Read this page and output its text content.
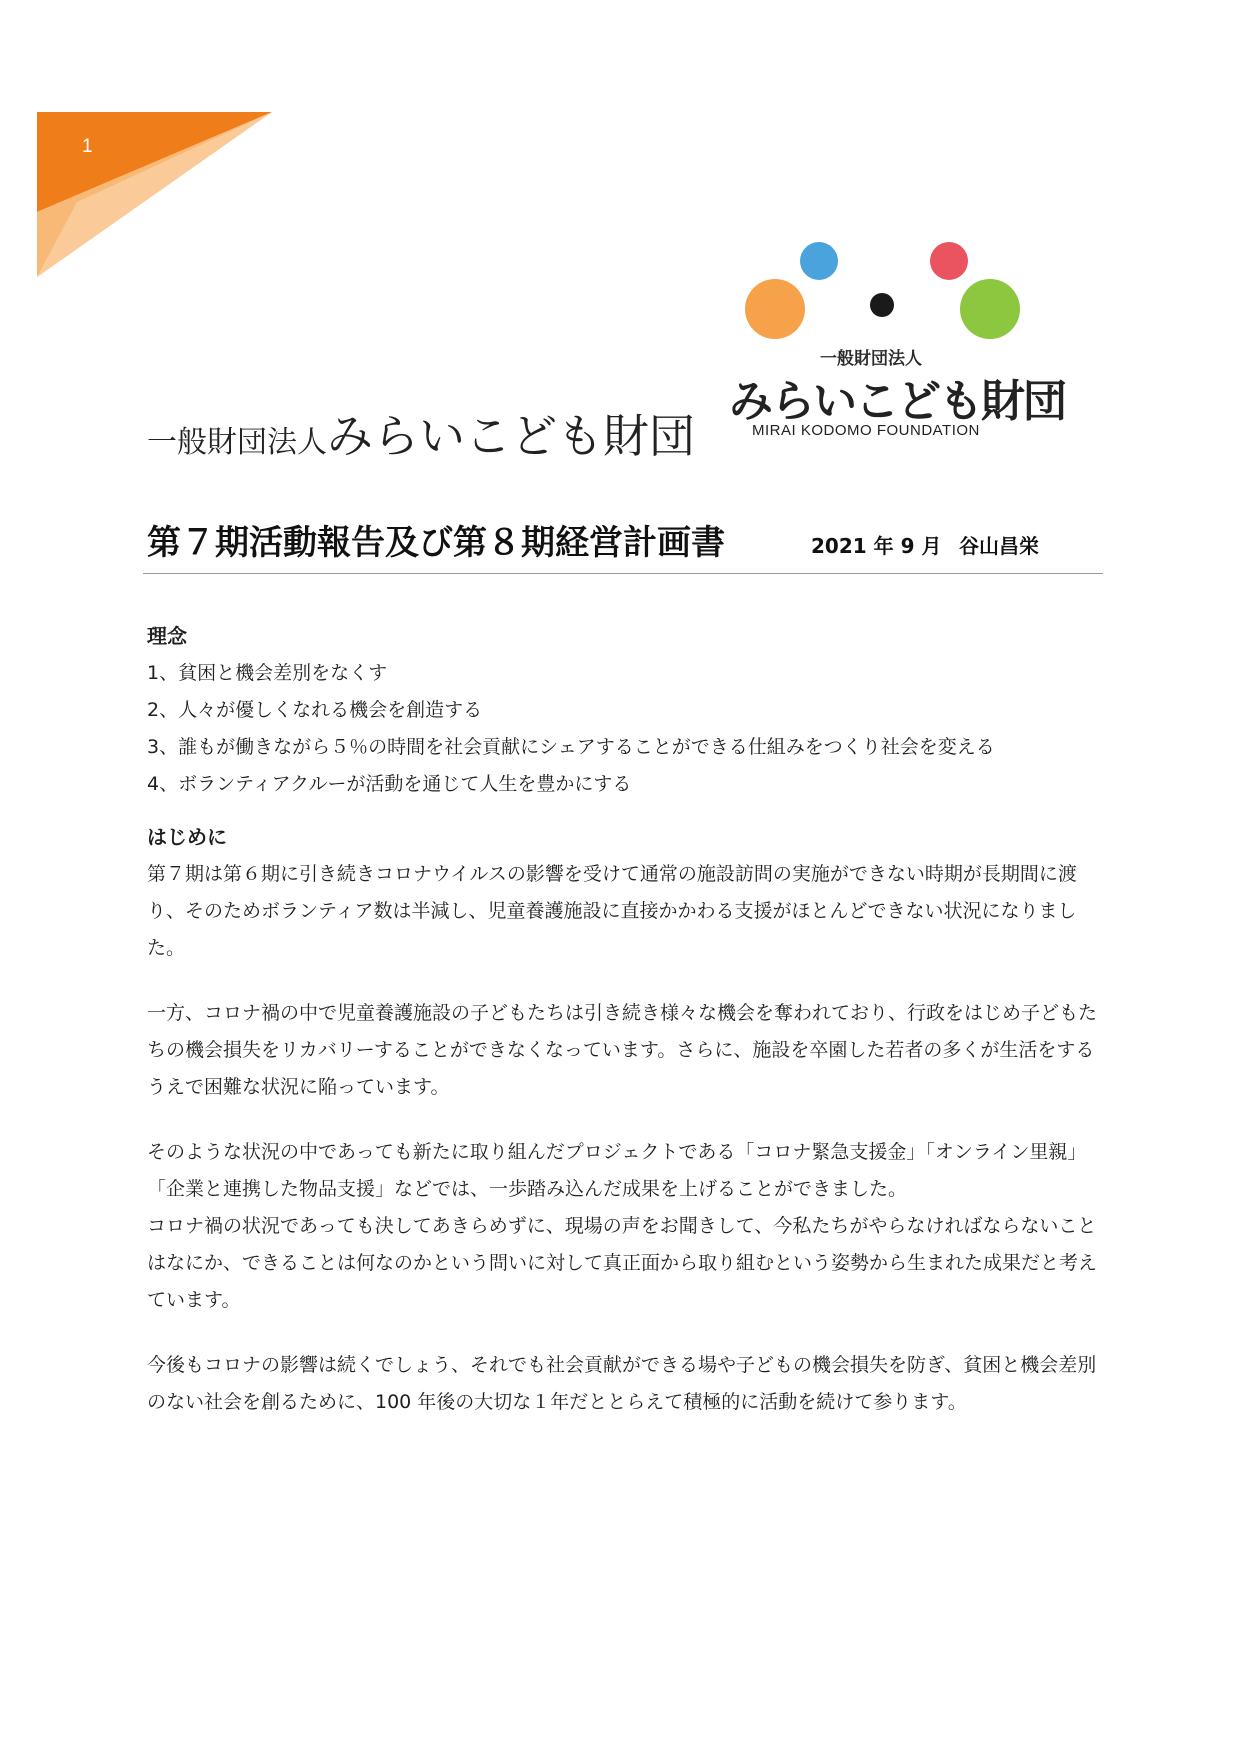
1
一般財団法人
みらいこども財団
MIRAI KODOMO FOUNDATION
一般財団法人みらいこども財団
第７期活動報告及び第８期経営計画書	2021 年 9 月 谷山昌栄
理念
1、貧困と機会差別をなくす
2、人々が優しくなれる機会を創造する
3、誰もが働きながら５％の時間を社会貢献にシェアすることができる仕組みをつくり社会を変える
4、ボランティアクルーが活動を通じて人生を豊かにする
はじめに

第７期は第６期に引き続きコロナウイルスの影響を受けて通常の施設訪問の実施ができない時期が長期間に渡り、そのためボランティア数は半減し、児童養護施設に直接かかわる支援がほとんどできない状況になりました。

一方、コロナ禍の中で児童養護施設の子どもたちは引き続き様々な機会を奪われており、行政をはじめ子どもたちの機会損失をリカバリーすることができなくなっています。さらに、施設を卒園した若者の多くが生活をするうえで困難な状況に陥っています。

そのような状況の中であっても新たに取り組んだプロジェクトである「コロナ緊急支援金」「オンライン里親」「企業と連携した物品支援」などでは、一歩踏み込んだ成果を上げることができました。

コロナ禍の状況であっても決してあきらめずに、現場の声をお聞きして、今私たちがやらなければならないことはなにか、できることは何なのかという問いに対して真正面から取り組むという姿勢から生まれた成果だと考えています。

今後もコロナの影響は続くでしょう、それでも社会貢献ができる場や子どもの機会損失を防ぎ、貧困と機会差別のない社会を創るために、100 年後の大切な１年だととらえて積極的に活動を続けて参ります。
